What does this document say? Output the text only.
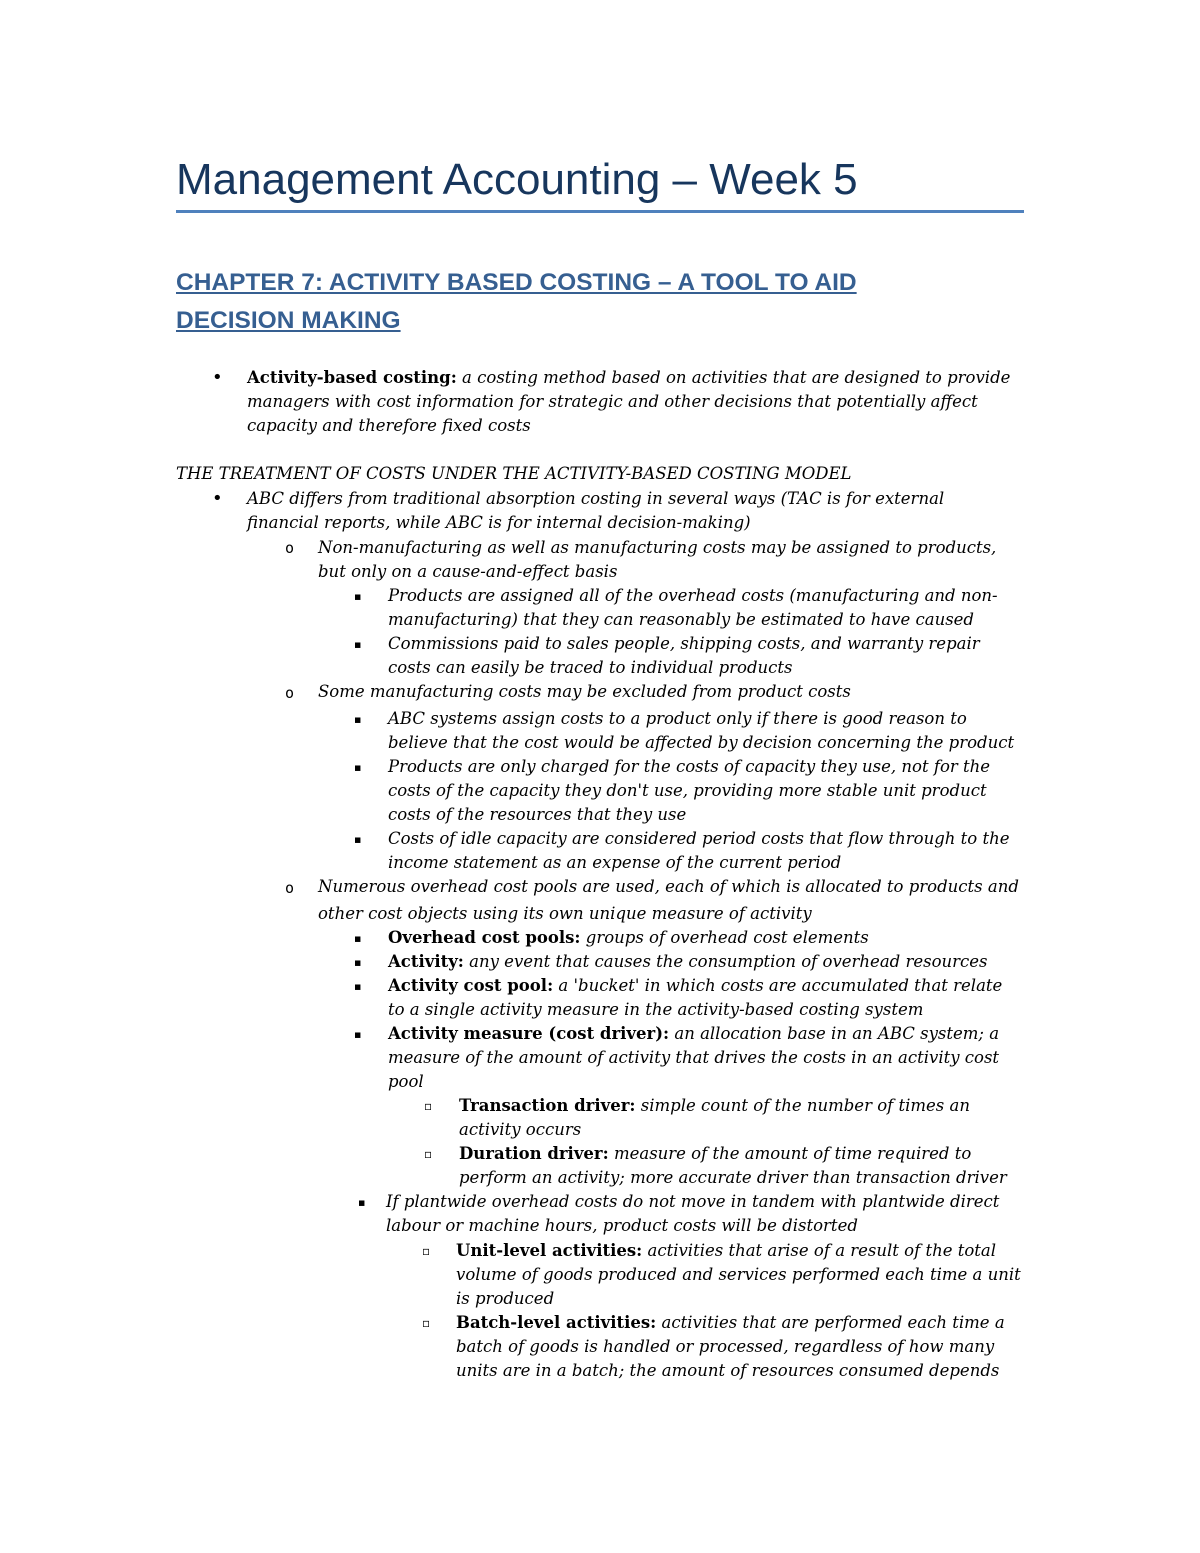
Management Accounting – Week 5
CHAPTER 7: ACTIVITY BASED COSTING – A TOOL TO AID
DECISION MAKING
• Activity-based costing: a costing method based on activities that are designed to provide
managers with cost information for strategic and other decisions that potentially affect
capacity and therefore fixed costs
THE TREATMENT OF COSTS UNDER THE ACTIVITY-BASED COSTING MODEL
• ABC differs from traditional absorption costing in several ways (TAC is for external
financial reports, while ABC is for internal decision-making)
o Non-manufacturing as well as manufacturing costs may be assigned to products,
but only on a cause-and-effect basis
▪ Products are assigned all of the overhead costs (manufacturing and non-
manufacturing) that they can reasonably be estimated to have caused
▪ Commissions paid to sales people, shipping costs, and warranty repair
costs can easily be traced to individual products
o Some manufacturing costs may be excluded from product costs
▪ ABC systems assign costs to a product only if there is good reason to
believe that the cost would be affected by decision concerning the product
▪ Products are only charged for the costs of capacity they use, not for the
costs of the capacity they don't use, providing more stable unit product
costs of the resources that they use
▪ Costs of idle capacity are considered period costs that flow through to the
income statement as an expense of the current period
o Numerous overhead cost pools are used, each of which is allocated to products and
other cost objects using its own unique measure of activity
▪ Overhead cost pools: groups of overhead cost elements
▪ Activity: any event that causes the consumption of overhead resources
▪ Activity cost pool: a 'bucket' in which costs are accumulated that relate
to a single activity measure in the activity-based costing system
▪ Activity measure (cost driver): an allocation base in an ABC system; a
measure of the amount of activity that drives the costs in an activity cost
pool
▫ Transaction driver: simple count of the number of times an
activity occurs
▫ Duration driver: measure of the amount of time required to
perform an activity; more accurate driver than transaction driver
▪ If plantwide overhead costs do not move in tandem with plantwide direct
labour or machine hours, product costs will be distorted
▫ Unit-level activities: activities that arise of a result of the total
volume of goods produced and services performed each time a unit
is produced
▫ Batch-level activities: activities that are performed each time a
batch of goods is handled or processed, regardless of how many
units are in a batch; the amount of resources consumed depends
